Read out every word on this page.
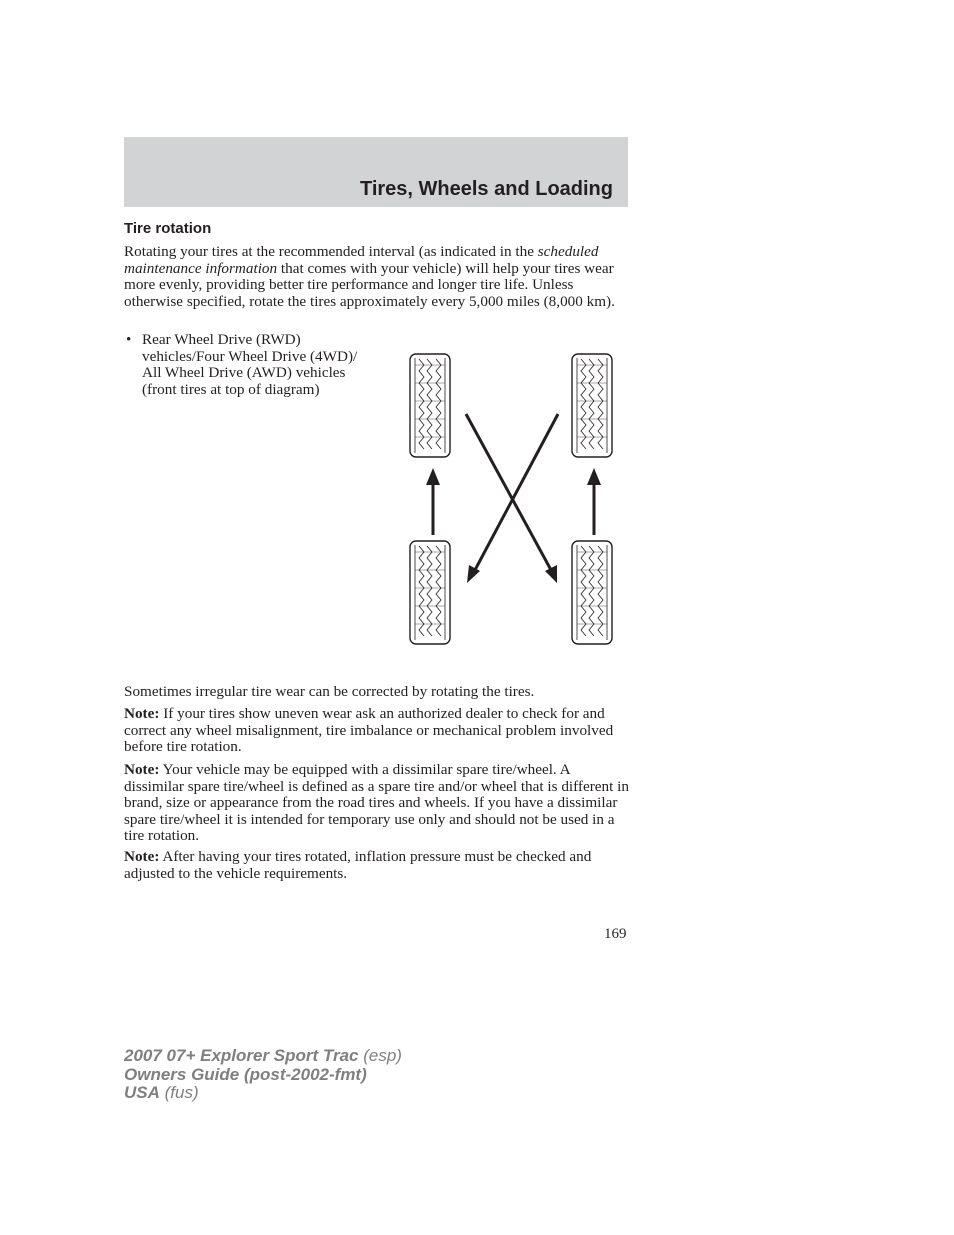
Tires, Wheels and Loading
Tire rotation

Rotating your tires at the recommended interval (as indicated in the scheduled maintenance information that comes with your vehicle) will help your tires wear more evenly, providing better tire performance and longer tire life. Unless otherwise specified, rotate the tires approximately every 5,000 miles (8,000 km).

• Rear Wheel Drive (RWD) vehicles/Four Wheel Drive (4WD)/ All Wheel Drive (AWD) vehicles (front tires at top of diagram)

Sometimes irregular tire wear can be corrected by rotating the tires.

Note: If your tires show uneven wear ask an authorized dealer to check for and correct any wheel misalignment, tire imbalance or mechanical problem involved before tire rotation.

Note: Your vehicle may be equipped with a dissimilar spare tire/wheel. A dissimilar spare tire/wheel is defined as a spare tire and/or wheel that is different in brand, size or appearance from the road tires and wheels. If you have a dissimilar spare tire/wheel it is intended for temporary use only and should not be used in a tire rotation.

Note: After having your tires rotated, inflation pressure must be checked and adjusted to the vehicle requirements.

169
2007 07+ Explorer Sport Trac (esp)
Owners Guide (post-2002-fmt)
USA (fus)
